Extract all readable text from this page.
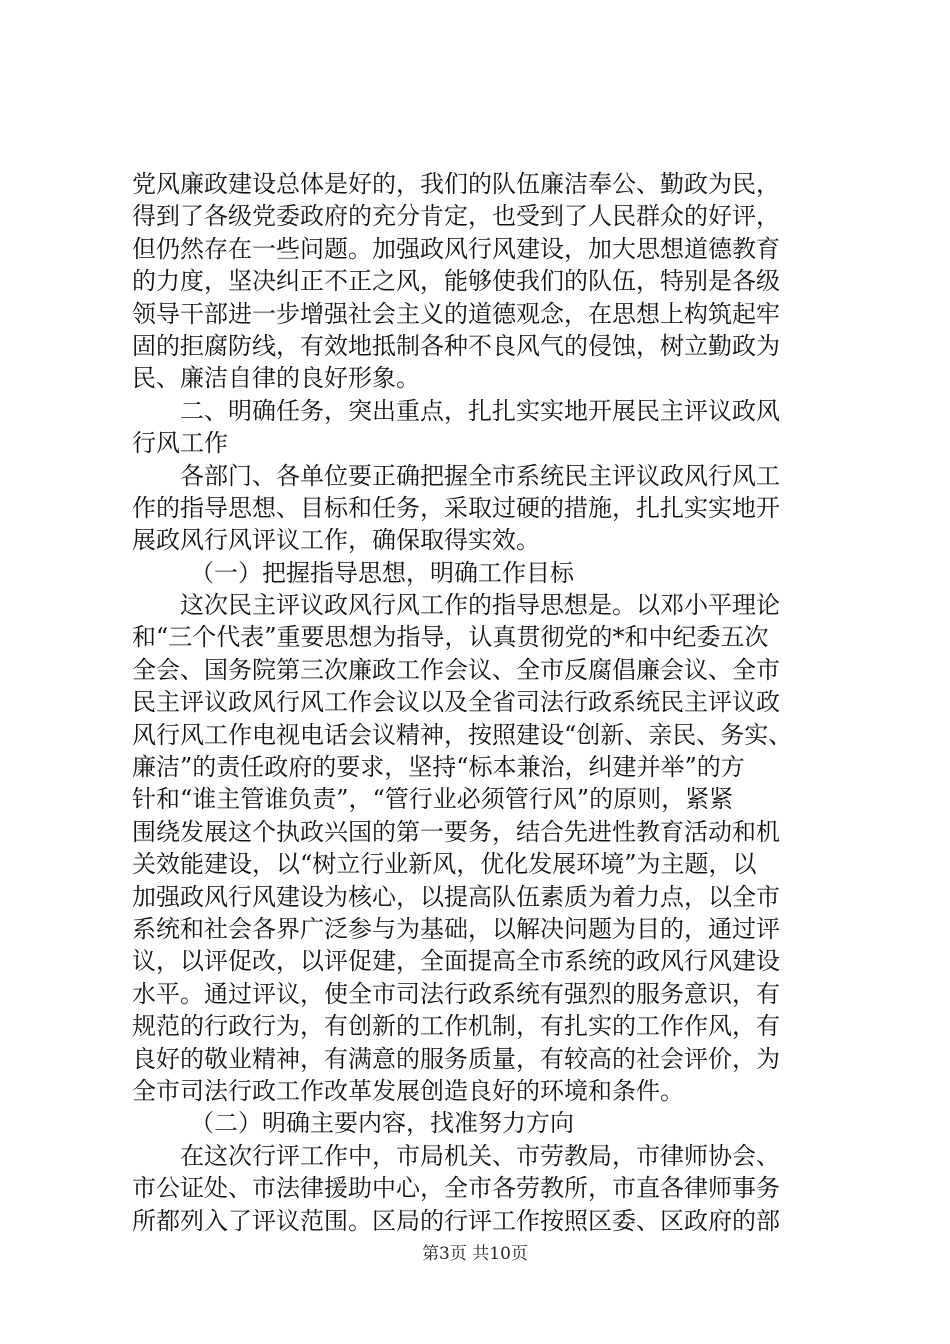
党风廉政建设总体是好的，我们的队伍廉洁奉公、勤政为民，
得到了各级党委政府的充分肯定，也受到了人民群众的好评，
但仍然存在一些问题。加强政风行风建设，加大思想道德教育
的力度，坚决纠正不正之风，能够使我们的队伍，特别是各级
领导干部进一步增强社会主义的道德观念，在思想上构筑起牢
固的拒腐防线，有效地抵制各种不良风气的侵蚀，树立勤政为
民、廉洁自律的良好形象。
二、明确任务，突出重点，扎扎实实地开展民主评议政风
行风工作
各部门、各单位要正确把握全市系统民主评议政风行风工
作的指导思想、目标和任务，采取过硬的措施，扎扎实实地开
展政风行风评议工作，确保取得实效。
（一）把握指导思想，明确工作目标
这次民主评议政风行风工作的指导思想是。以邓小平理论
和“三个代表”重要思想为指导，认真贯彻党的*和中纪委五次
全会、国务院第三次廉政工作会议、全市反腐倡廉会议、全市
民主评议政风行风工作会议以及全省司法行政系统民主评议政
风行风工作电视电话会议精神，按照建设“创新、亲民、务实、
廉洁”的责任政府的要求，坚持“标本兼治，纠建并举”的方
针和“谁主管谁负责”，“管行业必须管行风”的原则，紧紧
围绕发展这个执政兴国的第一要务，结合先进性教育活动和机
关效能建设，以“树立行业新风，优化发展环境”为主题，以
加强政风行风建设为核心，以提高队伍素质为着力点，以全市
系统和社会各界广泛参与为基础，以解决问题为目的，通过评
议，以评促改，以评促建，全面提高全市系统的政风行风建设
水平。通过评议，使全市司法行政系统有强烈的服务意识，有
规范的行政行为，有创新的工作机制，有扎实的工作作风，有
良好的敬业精神，有满意的服务质量，有较高的社会评价，为
全市司法行政工作改革发展创造良好的环境和条件。
（二）明确主要内容，找准努力方向
在这次行评工作中，市局机关、市劳教局，市律师协会、
市公证处、市法律援助中心，全市各劳教所，市直各律师事务
所都列入了评议范围。区局的行评工作按照区委、区政府的部
第3页 共10页
